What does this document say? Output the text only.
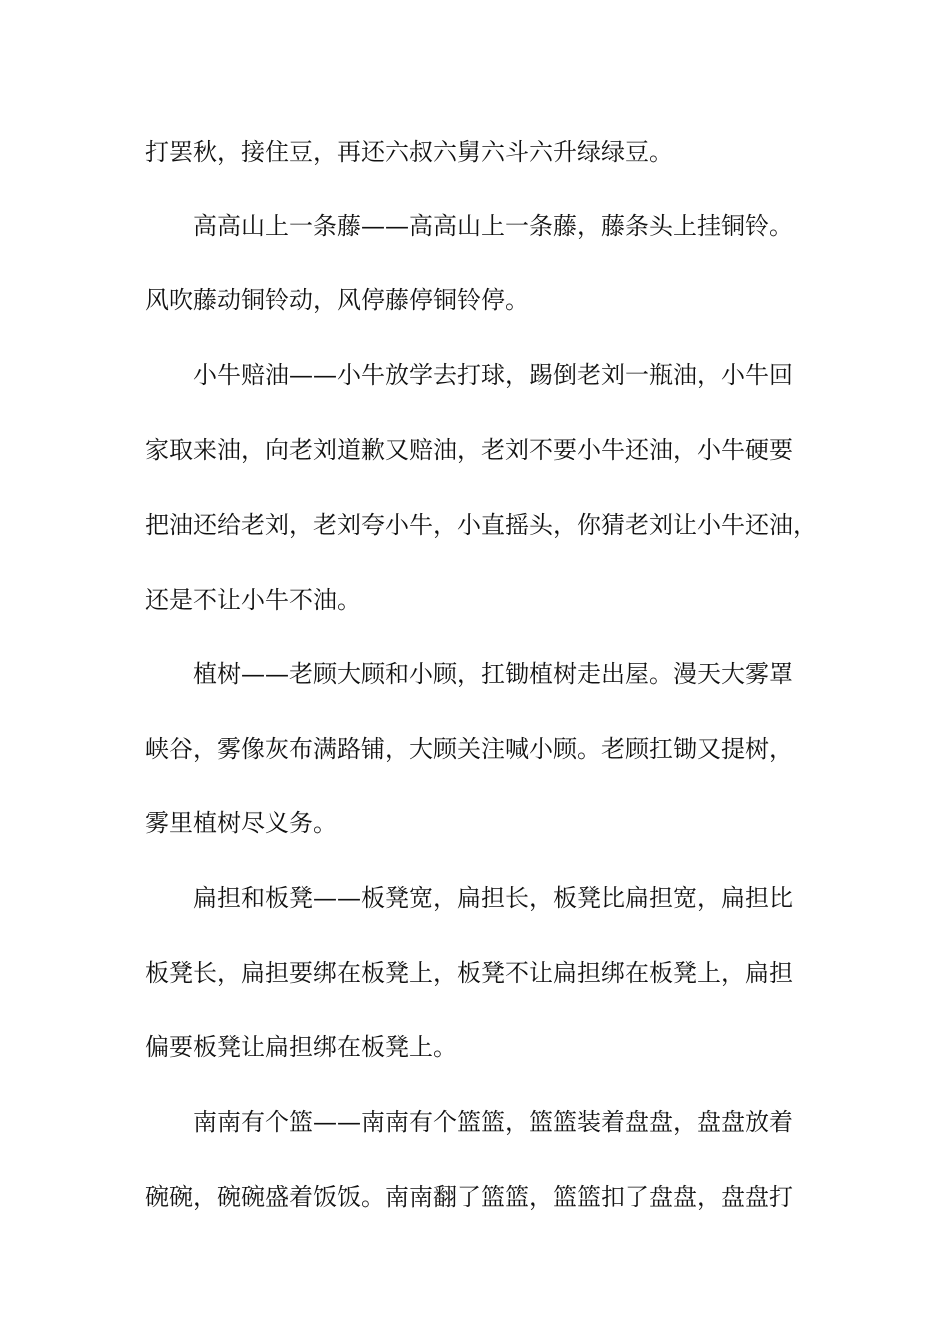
打罢秋，接住豆，再还六叔六舅六斗六升绿绿豆。

高高山上一条藤——高高山上一条藤，藤条头上挂铜铃。

风吹藤动铜铃动，风停藤停铜铃停。

小牛赔油——小牛放学去打球，踢倒老刘一瓶油，小牛回

家取来油，向老刘道歉又赔油，老刘不要小牛还油，小牛硬要

把油还给老刘，老刘夸小牛，小直摇头，你猜老刘让小牛还油，

还是不让小牛不油。

植树——老顾大顾和小顾，扛锄植树走出屋。漫天大雾罩

峡谷，雾像灰布满路铺，大顾关注喊小顾。老顾扛锄又提树，

雾里植树尽义务。

扁担和板凳——板凳宽，扁担长，板凳比扁担宽，扁担比

板凳长，扁担要绑在板凳上，板凳不让扁担绑在板凳上，扁担

偏要板凳让扁担绑在板凳上。

南南有个篮——南南有个篮篮，篮篮装着盘盘，盘盘放着

碗碗，碗碗盛着饭饭。南南翻了篮篮，篮篮扣了盘盘，盘盘打
